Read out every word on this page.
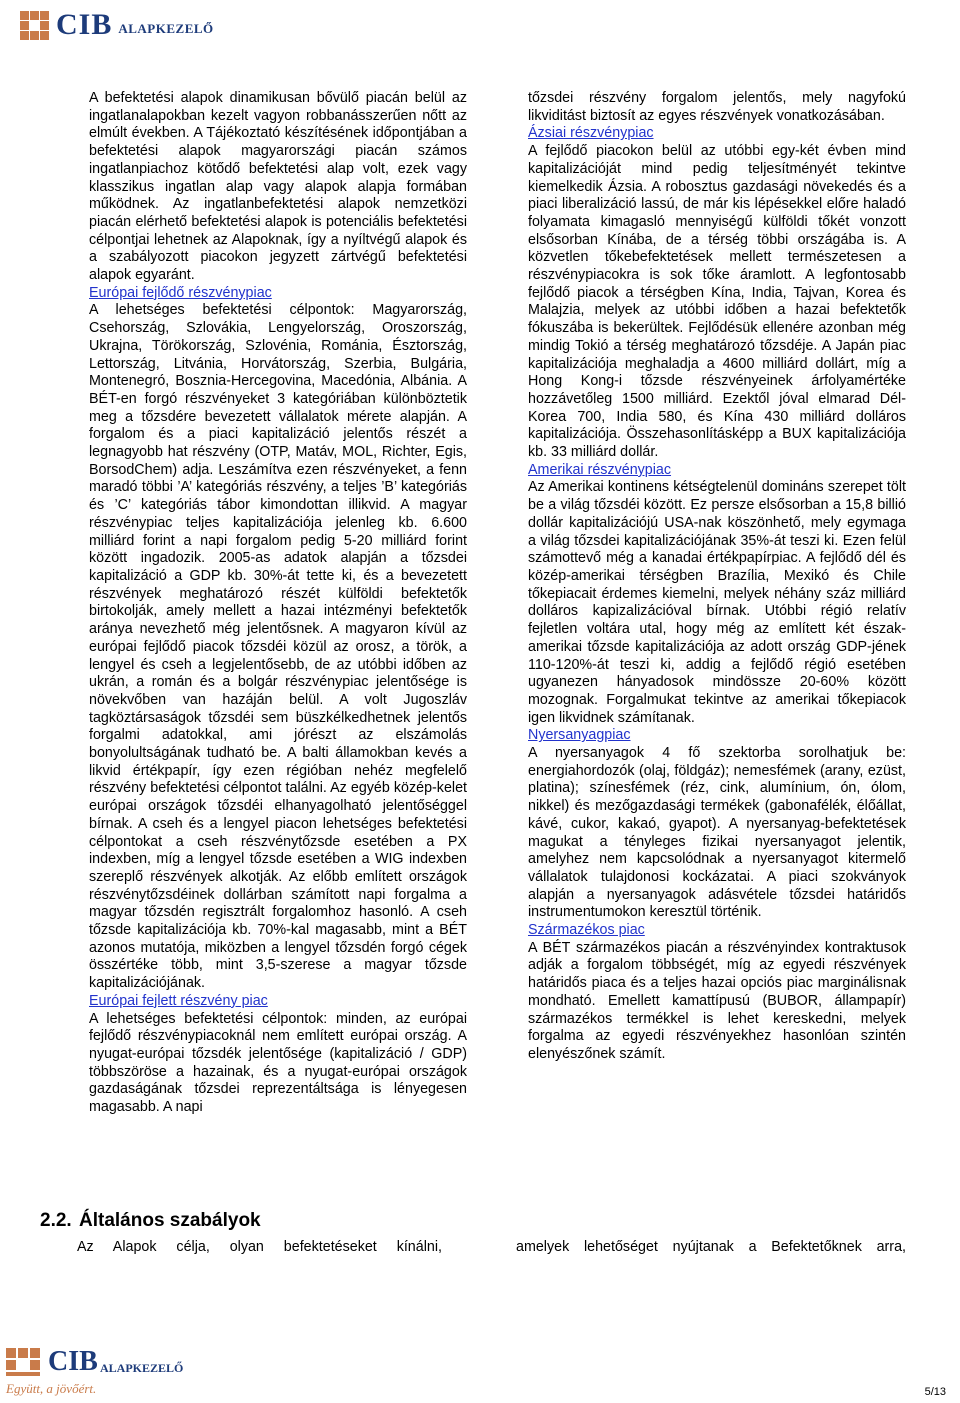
CIB ALAPKEZELŐ

A befektetési alapok dinamikusan bővülő piacán belül az ingatlanalapokban kezelt vagyon robbanásszerűen nőtt az elmúlt években. A Tájékoztató készítésének időpontjában a befektetési alapok magyarországi piacán számos ingatlanpiachoz kötődő befektetési alap volt, ezek vagy klasszikus ingatlan alap vagy alapok alapja formában működnek. Az ingatlanbefektetési alapok nemzetközi piacán elérhető befektetési alapok is potenciális befektetési célpontjai lehetnek az Alapoknak, így a nyíltvégű alapok és a szabályozott piacokon jegyzett zártvégű befektetési alapok egyaránt.

Európai fejlődő részvénypiac

A lehetséges befektetési célpontok: Magyarország, Csehország, Szlovákia, Lengyelország, Oroszország, Ukrajna, Törökország, Szlovénia, Románia, Észtország, Lettország, Litvánia, Horvátország, Szerbia, Bulgária, Montenegró, Bosznia-Hercegovina, Macedónia, Albánia. A BÉT-en forgó részvényeket 3 kategóriában különböztetik meg a tőzsdére bevezetett vállalatok mérete alapján. A forgalom és a piaci kapitalizáció jelentős részét a legnagyobb hat részvény (OTP, Matáv, MOL, Richter, Egis, BorsodChem) adja. Leszámítva ezen részvényeket, a fenn maradó többi ’A’ kategóriás részvény, a teljes ’B’ kategóriás és ’C’ kategóriás tábor kimondottan illikvid. A magyar részvénypiac teljes kapitalizációja jelenleg kb. 6.600 milliárd forint a napi forgalom pedig 5-20 milliárd forint között ingadozik. 2005-as adatok alapján a tőzsdei kapitalizáció a GDP kb. 30%-át tette ki, és a bevezetett részvények meghatározó részét külföldi befektetők birtokolják, amely mellett a hazai intézményi befektetők aránya nevezhető még jelentősnek. A magyaron kívül az európai fejlődő piacok tőzsdéi közül az orosz, a török, a lengyel és cseh a legjelentősebb, de az utóbbi időben az ukrán, a román és a bolgár részvénypiac jelentősége is növekvőben van hazáján belül. A volt Jugoszláv tagköztársaságok tőzsdéi sem büszkélkedhetnek jelentős forgalmi adatokkal, ami jórészt az elszámolás bonyolultságának tudható be. A balti államokban kevés a likvid értékpapír, így ezen régióban nehéz megfelelő részvény befektetési célpontot találni. Az egyéb közép-kelet európai országok tőzsdéi elhanyagolható jelentőséggel bírnak. A cseh és a lengyel piacon lehetséges befektetési célpontokat a cseh részvénytőzsde esetében a PX indexben, míg a lengyel tőzsde esetében a WIG indexben szereplő részvények alkotják. Az előbb említett országok részvénytőzsdéinek dollárban számított napi forgalma a magyar tőzsdén regisztrált forgalomhoz hasonló. A cseh tőzsde kapitalizációja kb. 70%-kal magasabb, mint a BÉT azonos mutatója, miközben a lengyel tőzsdén forgó cégek összértéke több, mint 3,5-szerese a magyar tőzsde kapitalizációjának.

Európai fejlett részvény piac

A lehetséges befektetési célpontok: minden, az európai fejlődő részvénypiacoknál nem említett európai ország. A nyugat-európai tőzsdék jelentősége (kapitalizáció / GDP) többszöröse a hazainak, és a nyugat-európai országok gazdaságának tőzsdei reprezentáltsága is lényegesen magasabb. A napi

tőzsdei részvény forgalom jelentős, mely nagyfokú likviditást biztosít az egyes részvények vonatkozásában.

Ázsiai részvénypiac

A fejlődő piacokon belül az utóbbi egy-két évben mind kapitalizációját mind pedig teljesítményét tekintve kiemelkedik Ázsia. A robosztus gazdasági növekedés és a piaci liberalizáció lassú, de már kis lépésekkel előre haladó folyamata kimagasló mennyiségű külföldi tőkét vonzott elsősorban Kínába, de a térség többi országába is. A közvetlen tőkebefektetések mellett természetesen a részvénypiacokra is sok tőke áramlott. A legfontosabb fejlődő piacok a térségben Kína, India, Tajvan, Korea és Malajzia, melyek az utóbbi időben a hazai befektetők fókuszába is bekerültek. Fejlődésük ellenére azonban még mindig Tokió a térség meghatározó tőzsdéje. A Japán piac kapitalizációja meghaladja a 4600 milliárd dollárt, míg a Hong Kong-i tőzsde részvényeinek árfolyamértéke hozzávetőleg 1500 milliárd. Ezektől jóval elmarad Dél-Korea 700, India 580, és Kína 430 milliárd dolláros kapitalizációja. Összehasonlításképp a BUX kapitalizációja kb. 33 milliárd dollár.

Amerikai részvénypiac

Az Amerikai kontinens kétségtelenül domináns szerepet tölt be a világ tőzsdéi között. Ez persze elsősorban a 15,8 billió dollár kapitalizációjú USA-nak köszönhető, mely egymaga a világ tőzsdei kapitalizációjának 35%-át teszi ki. Ezen felül számottevő még a kanadai értékpapírpiac. A fejlődő dél és közép-amerikai térségben Brazília, Mexikó és Chile tőkepiacait érdemes kiemelni, melyek néhány száz milliárd dolláros kapizalizációval bírnak. Utóbbi régió relatív fejletlen voltára utal, hogy még az említett két észak-amerikai tőzsde kapitalizációja az adott ország GDP-jének 110-120%-át teszi ki, addig a fejlődő régió esetében ugyanezen hányadosok mindössze 20-60% között mozognak. Forgalmukat tekintve az amerikai tőkepiacok igen likvidnek számítanak.

Nyersanyagpiac

A nyersanyagok 4 fő szektorba sorolhatjuk be: energiahordozók (olaj, földgáz); nemesfémek (arany, ezüst, platina); színesfémek (réz, cink, alumínium, ón, ólom, nikkel) és mezőgazdasági termékek (gabonafélék, élőállat, kávé, cukor, kakaó, gyapot). A nyersanyag-befektetések magukat a tényleges fizikai nyersanyagot jelentik, amelyhez nem kapcsolódnak a nyersanyagot kitermelő vállalatok tulajdonosi kockázatai. A piaci szokványok alapján a nyersanyagok adásvétele tőzsdei határidős instrumentumokon keresztül történik.

Származékos piac

A BÉT származékos piacán a részvényindex kontraktusok adják a forgalom többségét, míg az egyedi részvények határidős piaca és a teljes hazai opciós piac marginálisnak mondható. Emellett kamattípusú (BUBOR, állampapír) származékos termékkel is lehet kereskedni, melyek forgalma az egyedi részvényekhez hasonlóan szintén elenyészőnek számít.

2.2. Általános szabályok
Az Alapok célja, olyan befektetéseket kínálni,	amelyek lehetőséget nyújtanak a Befektetőknek arra,
CIB ALAPKEZELŐ
Együtt, a jövőért.	5/13
